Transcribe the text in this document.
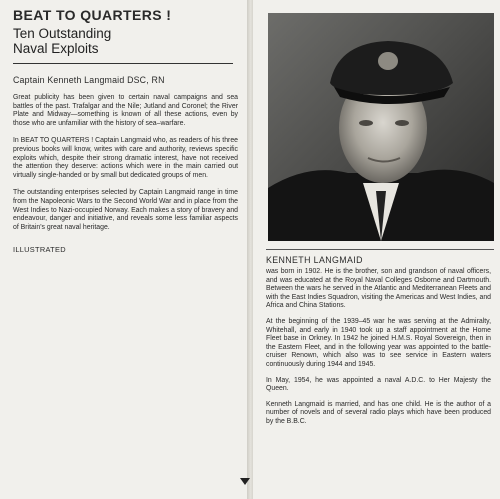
BEAT TO QUARTERS !

Ten Outstanding

Naval Exploits

Captain Kenneth Langmaid DSC, RN

Great publicity has been given to certain naval campaigns and sea battles of the past. Trafalgar and the Nile; Jutland and Coronel; the River Plate and Midway—something is known of all these actions, even by those who are unfamiliar with the history of sea–warfare.

In BEAT TO QUARTERS ! Captain Langmaid who, as readers of his three previous books will know, writes with care and authority, reviews specific exploits which, despite their strong dramatic interest, have not received the attention they deserve: actions which were in the main carried out virtually single-handed or by small but dedicated groups of men.

The outstanding enterprises selected by Captain Langmaid range in time from the Napoleonic Wars to the Second World War and in place from the West Indies to Nazi-occupied Norway. Each makes a story of bravery and endeavour, danger and initiative, and reveals some less familiar aspects of Britain's great naval heritage.

ILLUSTRATED

KENNETH LANGMAID

was born in 1902. He is the brother, son and grandson of naval officers, and was educated at the Royal Naval Colleges Osborne and Dartmouth. Between the wars he served in the Atlantic and Mediterranean Fleets and with the East Indies Squadron, visiting the Americas and West Indies, and Africa and China Stations.

At the beginning of the 1939–45 war he was serving at the Admiralty, Whitehall, and early in 1940 took up a staff appointment at the Home Fleet base in Orkney. In 1942 he joined H.M.S. Royal Sovereign, then in the Eastern Fleet, and in the following year was appointed to the battle-cruiser Renown, which also was to see service in Eastern waters continuously during 1944 and 1945.

In May, 1954, he was appointed a naval A.D.C. to Her Majesty the Queen.

Kenneth Langmaid is married, and has one child. He is the author of a number of novels and of several radio plays which have been produced by the B.B.C.
